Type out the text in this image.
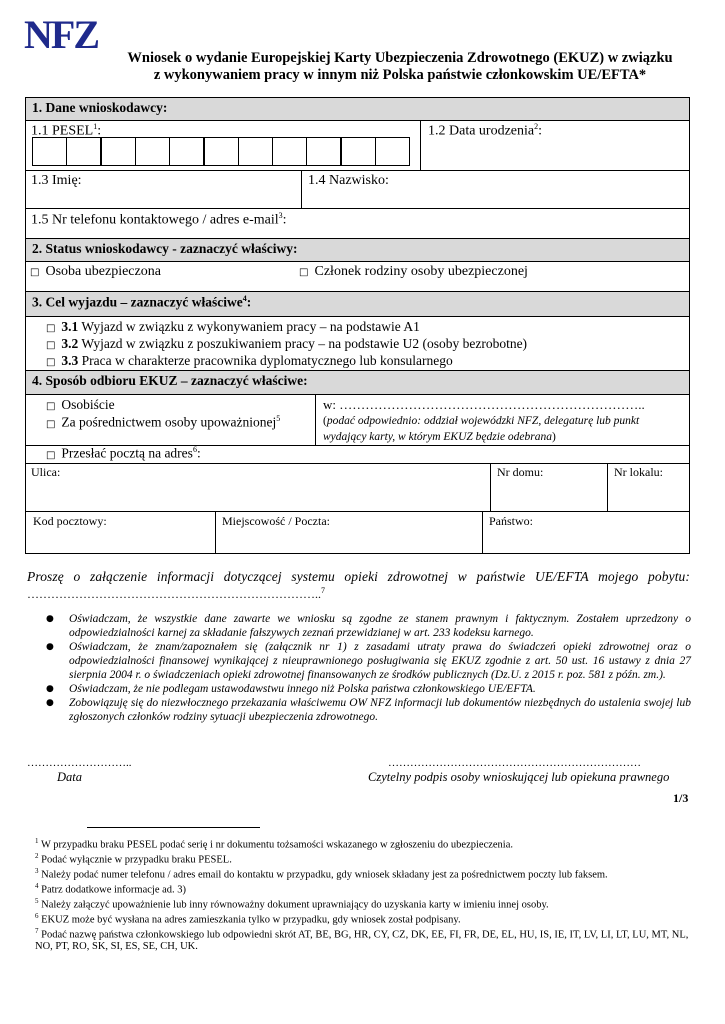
NFZ
Wniosek o wydanie Europejskiej Karty Ubezpieczenia Zdrowotnego (EKUZ) w związku
z wykonywaniem pracy w innym niż Polska państwie członkowskim UE/EFTA*
1. Dane wnioskodawcy:
1.1 PESEL$^1$:	1.2 Data urodzenia$^2$:
1.3 Imię:	1.4 Nazwisko:
1.5 Nr telefonu kontaktowego / adres e-mail$^3$:
2. Status wnioskodawcy - zaznaczyć właściwy:
□ Osoba ubezpieczona	□ Członek rodziny osoby ubezpieczonej
3. Cel wyjazdu – zaznaczyć właściwe$^4$:
□ 3.1 Wyjazd w związku z wykonywaniem pracy – na podstawie A1
□ 3.2 Wyjazd w związku z poszukiwaniem pracy – na podstawie U2 (osoby bezrobotne)
□ 3.3 Praca w charakterze pracownika dyplomatycznego lub konsularnego
4. Sposób odbioru EKUZ – zaznaczyć właściwe:
□ Osobiście
□ Za pośrednictwem osoby upoważnionej$^5$
w: ……………………………………………………………..
(podać odpowiednio: oddział wojewódzki NFZ, delegaturę lub punkt wydający karty, w którym EKUZ będzie odebrana)
□ Przesłać pocztą na adres$^6$:
Ulica:	Nr domu:	Nr lokalu:
Kod pocztowy:	Miejscowość / Poczta:	Państwo:
Proszę o załączenie informacji dotyczącej systemu opieki zdrowotnej w państwie UE/EFTA mojego pobytu:
………………………………………………………………..$^7$
● Oświadczam, że wszystkie dane zawarte we wniosku są zgodne ze stanem prawnym i faktycznym. Zostałem uprzedzony o odpowiedzialności karnej za składanie fałszywych zeznań przewidzianej w art. 233 kodeksu karnego.
● Oświadczam, że znam/zapoznałem się (załącznik nr 1) z zasadami utraty prawa do świadczeń opieki zdrowotnej oraz o odpowiedzialności finansowej wynikającej z nieuprawnionego posługiwania się EKUZ zgodnie z art. 50 ust. 16 ustawy z dnia 27 sierpnia 2004 r. o świadczeniach opieki zdrowotnej finansowanych ze środków publicznych (Dz.U. z 2015 r. poz. 581 z późn. zm.).
● Oświadczam, że nie podlegam ustawodawstwu innego niż Polska państwa członkowskiego UE/EFTA.
● Zobowiązuję się do niezwłocznego przekazania właściwemu OW NFZ informacji lub dokumentów niezbędnych do ustalenia swojej lub zgłoszonych członków rodziny sytuacji ubezpieczenia zdrowotnego.
………………………..
Data
……………………………………………………………
Czytelny podpis osoby wnioskującej lub opiekuna prawnego
1/3
$^1$ W przypadku braku PESEL podać serię i nr dokumentu tożsamości wskazanego w zgłoszeniu do ubezpieczenia.
$^2$ Podać wyłącznie w przypadku braku PESEL.
$^3$ Należy podać numer telefonu / adres email do kontaktu w przypadku, gdy wniosek składany jest za pośrednictwem poczty lub faksem.
$^4$ Patrz dodatkowe informacje ad. 3)
$^5$ Należy załączyć upoważnienie lub inny równoważny dokument uprawniający do uzyskania karty w imieniu innej osoby.
$^6$ EKUZ może być wysłana na adres zamieszkania tylko w przypadku, gdy wniosek został podpisany.
$^7$ Podać nazwę państwa członkowskiego lub odpowiedni skrót AT, BE, BG, HR, CY, CZ, DK, EE, FI, FR, DE, EL, HU, IS, IE, IT, LV, LI, LT, LU, MT, NL, NO, PT, RO, SK, SI, ES, SE, CH, UK.
